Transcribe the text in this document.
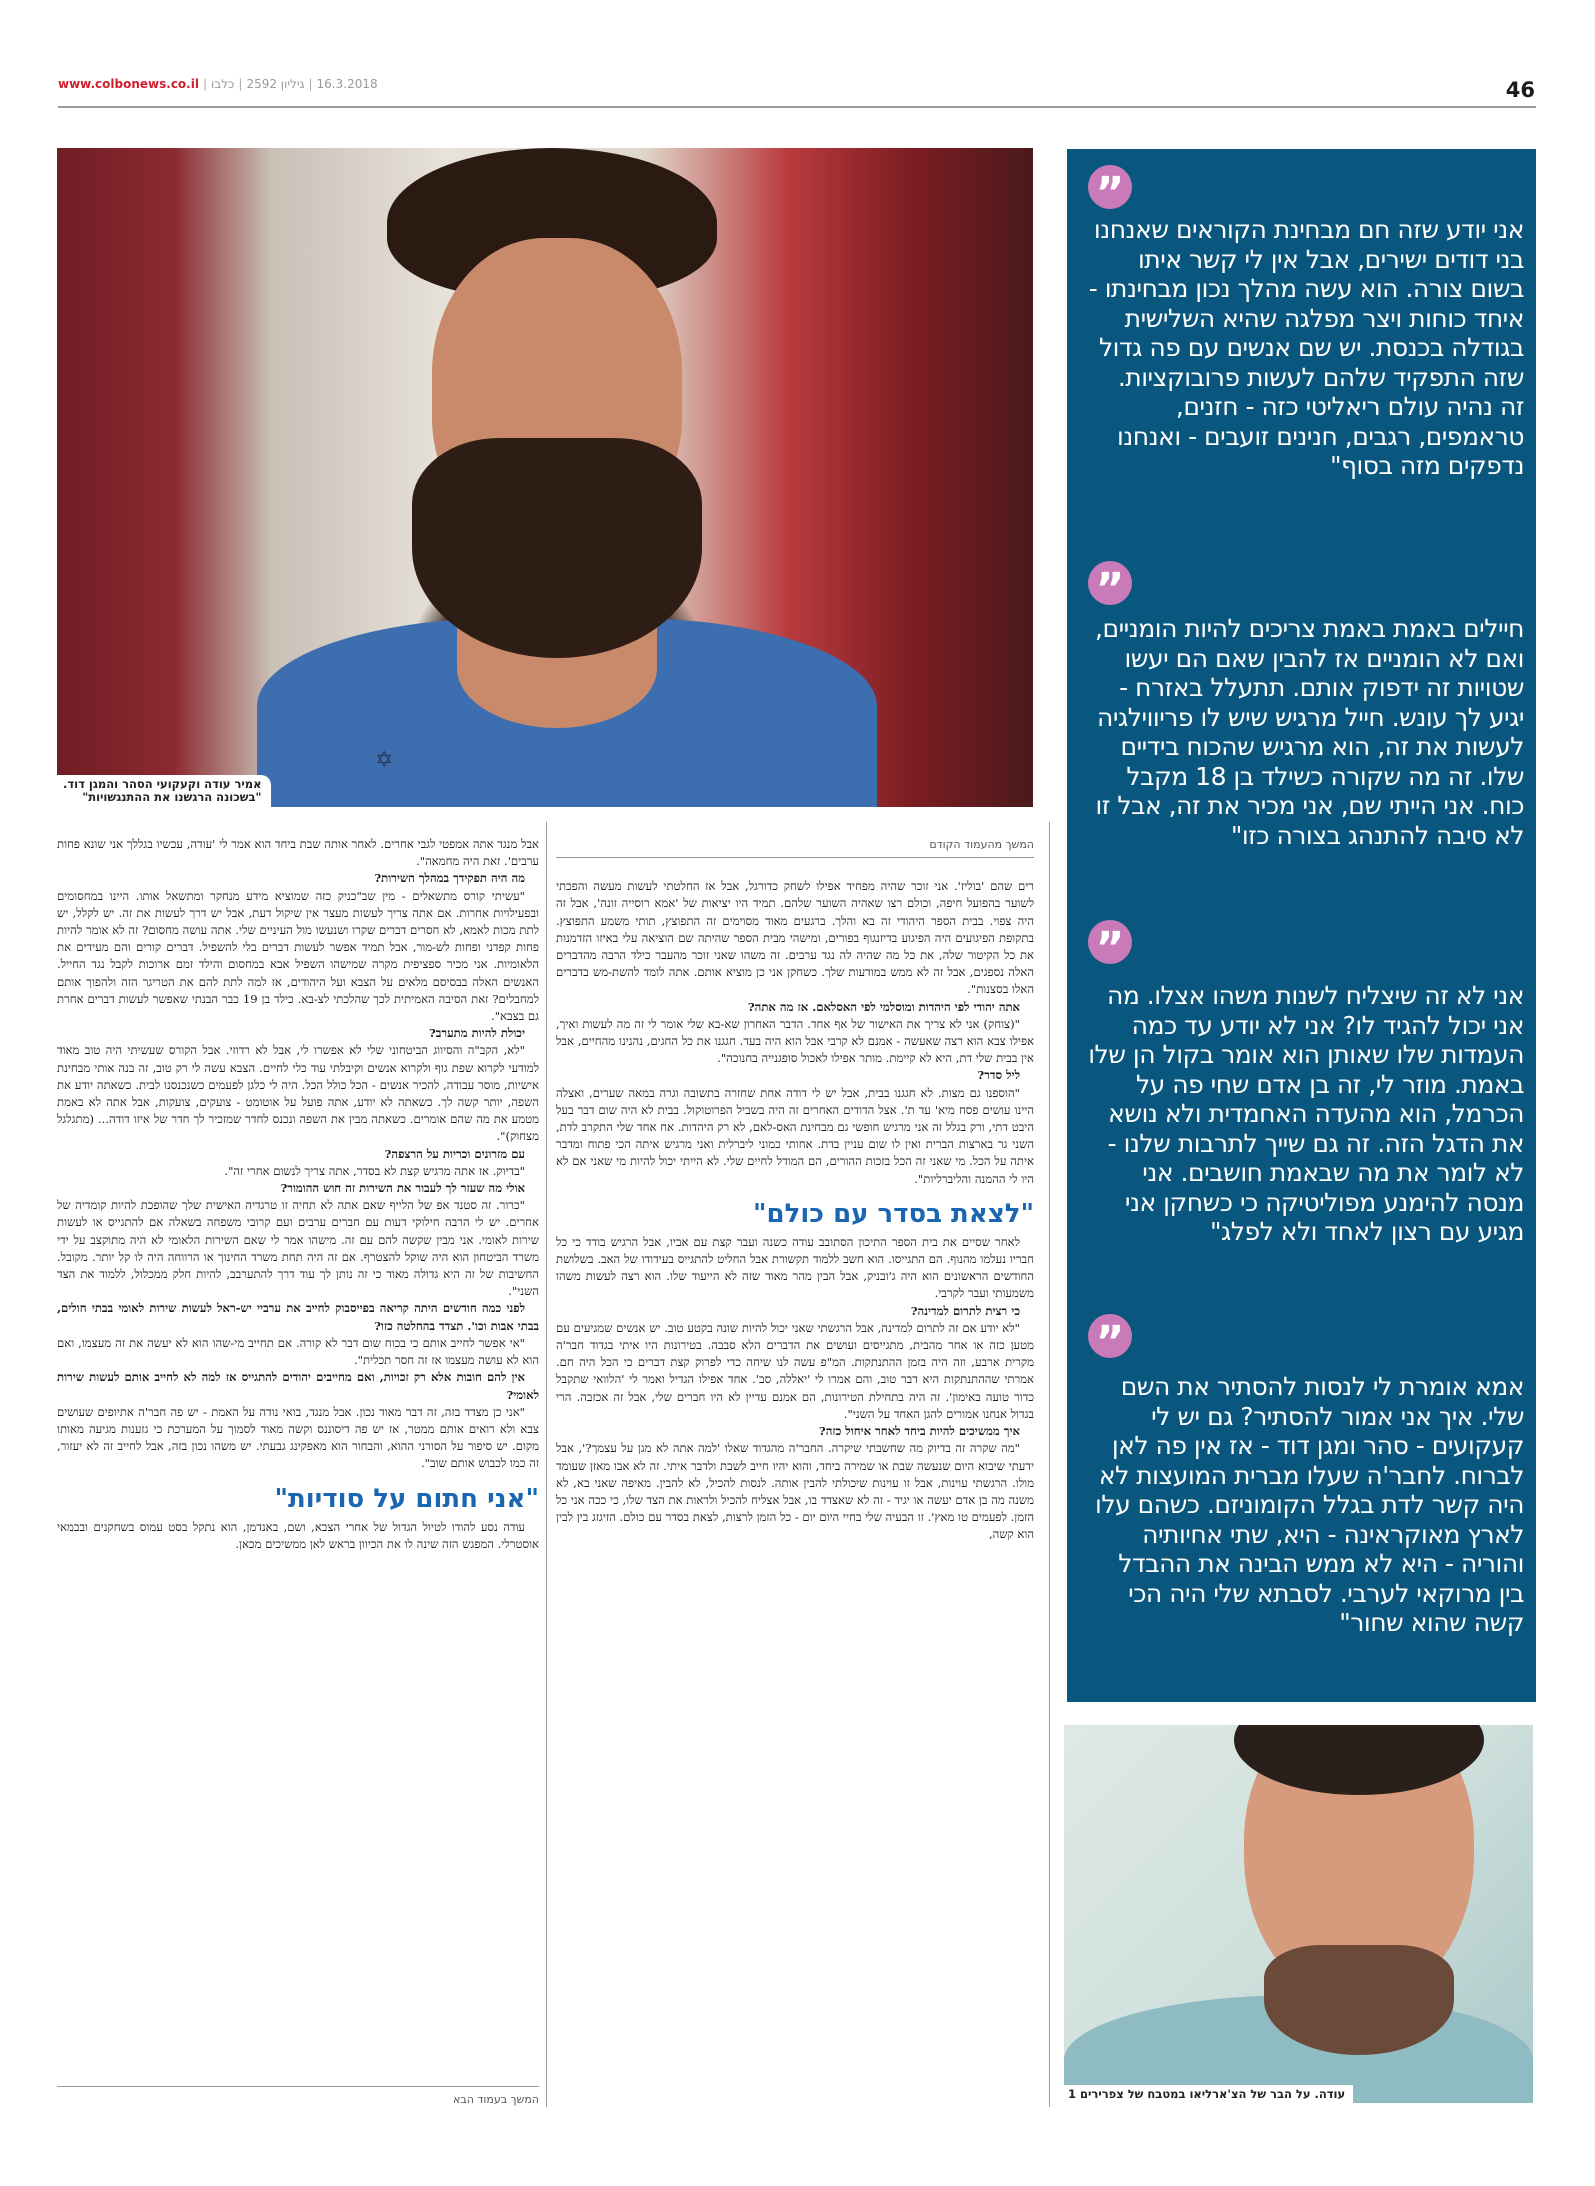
www.colbonews.co.il | כלבו | גיליון 2592 | 16.3.2018	46
✡
אמיר עודה וקעקועי הסהר והמגן דוד.
"בשכונה הרגשנו את ההתנגשויות"

המשך מהעמוד הקודם

רים שהם 'בוליז'. אני זוכר שהיה מפחיד אפילו לשחק כדורגל, אבל אז החלטתי לעשות מעשה והפכתי לשוער בהפועל חיפה, וכולם רצו שאהיה השוער שלהם. תמיד היו יציאות של 'אמא רוסייה זונה', אבל זה היה צפוי. בבית הספר היהודי זה בא והלך. ברגעים מאוד מסוימים זה התפוצץ, תותי משמע התפוצץ. בתקופת הפיגועים היה הפיגוע בדיזנגוף בפורים, ומישהי מבית הספר שהיתה שם הוציאה עלי באיזו הזדמנות את כל הקיטור שלה, את כל מה שהיה לה נגד ערבים. זה משהו שאני זוכר מהעבר כילד הרבה מהדברים האלה נספגים, אבל זה לא ממש במודעות שלך. כשחקן אני כן מוציא אותם. אתה לומד להשת-מש בדברים האלו בסצנות".

אתה יהודי לפי היהדות ומוסלמי לפי האסלאם. אז מה אתה?

"(צוחק) אני לא צריך את האישור של אף אחד. הדבר האחרון שא-בא שלי אומר לי זה מה לעשות ואיך, אפילו צבא הוא רצה שאעשה - אמנם לא קרבי אבל הוא היה בעד. חגגנו את כל החגים, נהנינו מהחיים, אבל אין בבית שלי דת, היא לא קיימת. מותר אפילו לאכול סופגנייה בחנוכה".

ליל סדר?

"הוספנו גם מצות. לא חגגנו בבית, אבל יש לי דודה אחת שחזרה בתשובה וגרה במאה שערים, ואצלה היינו עושים פסח מיא' עד ת'. אצל הדודים האחרים זה היה בשביל הפרוטוקול. בבית לא היה שום דבר בעל היבט דתי, ורק בגלל זה אני מרגיש חופשי גם מבחינת האס-לאם, לא רק היהדות. אח אחד שלי התקרב לדת, השני גר בארצות הברית ואין לו שום עניין בדת. אחותי כמוני ליברלית ואני מרגיש איתה הכי פתוח ומדבר איתה על הכל. מי שאני זה הכל בזכות ההורים, הם המודל לחיים שלי. לא הייתי יכול להיות מי שאני אם לא היו לי ההמנה והליברליות".

"לצאת בסדר עם כולם"

לאחר שסיים את בית הספר התיכון הסתובב עודה כשנה ועבר קצת עם אביו, אבל הרגיש בודד כי כל חבריו נעלמו מהנוף. הם התגייסו. הוא חשב ללמוד תקשורת אבל החליט להתגייס בעידודו של האב. בשלושת החודשים הראשונים הוא היה ג'ובניק, אבל הבין מהר מאוד שזה לא הייעוד שלו. הוא רצה לעשות משהו משמעותי ועבר לקרבי.

כי רצית לתרום למדינה?

"לא יודע אם זה לתרום למדינה, אבל הרגשתי שאני יכול להיות שונה בקטע טוב. יש אנשים שמגיעים עם מטען כזה או אחר מהבית, מתגייסים ועושים את הדברים הלא סבבה. בטירונות היו איתי בגדוד חבר'ה מקרית ארבע, וזה היה בזמן ההתנתקות. המ"פ עשה לנו שיחה כדי לפרוק קצת דברים כי הכל היה חם. אמרתי שההתנתקות היא דבר טוב, והם אמרו לי 'יאללה, סב'. אחד אפילו הגדיל ואמר לי 'הלוואי שתקבל כדור טועה באימון'. זה היה בתחילת הטירונות, הם אמנם עדיין לא היו חברים שלי, אבל זה אכזבה. הרי בגדול אנחנו אמורים להגן האחד על השני".

איך ממשיכים להיות ביחד לאחר איחול כזה?

"מה שקרה זה בדיוק מה שחשבתי שיקרה. החבר'ה מהגדוד שאלו 'למה אתה לא מגן על עצמך?', אבל ידעתי שיבוא היום שנעשה שבת או שמירה ביחד, והוא יהיו חייב לשבת ולדבר איתי. זה לא אבו מאזן שעומד מולו. הרגשתי עוינות, אבל זו עוינות שיכולתי להבין אותה. לנסות להכיל, לא להבין. מאיפה שאני בא, לא משנה מה בן אדם יעשה או יגיד - זה לא שאצדד בו, אבל אצליח להכיל ולראות את הצד שלו, כי ככה אני כל הזמן. לפעמים טו מאץ'. זו הבעיה שלי בחיי היום יום - כל הזמן לרצות, לצאת בסדר עם כולם. הזיגזג בין לבין הוא קשה,

אבל מנגד אתה אמפטי לגבי אחרים. לאחר אותה שבת ביחד הוא אמר לי 'עודה, עכשיו בגללך אני שונא פחות ערבים'. זאת היה מחמאה".

מה היה תפקידך במהלך השירות?

"עשיתי קורס מתשאלים - מין שב"כניק כזה שמוציא מידע מנחקר ומתשאל אותו. היינו במחסומים ובפעילויות אחרות. אם אתה צריך לעשות מעצר אין שיקול דעת, אבל יש דרך לעשות את זה. יש לקלל, יש לתת מכות לאמא, לא חסרים דברים שקרו ושנעשו מול העיניים שלי. אתה עושה מחסום? זה לא אומר להיות פחות קפדני ופחות לש-מור, אבל תמיד אפשר לעשות דברים בלי להשפיל. דברים קורים והם מעידים את הלאומיות. אני מכיר ספציפית מקרה שמישהו השפיל אבא במחסום והילד זמם ארוכות לקבל נגד החייל. האנשים האלה בבסיסם מלאים על הצבא ועל היהודים, אז למה לתת להם את הטריגר הזה ולהפוך אותם למחבלים? זאת הסיבה האמיתית לכך שהלכתי לצ-בא. כילד בן 19 כבר הבנתי שאפשר לעשות דברים אחרת גם בצבא".

יכולת להיות מתערב?

"לא, הקב"ה והסיווג הביטחוני שלי לא אפשרו לי, אבל לא רדוזי. אבל הקורס שעשיתי היה טוב מאוד למודעי לקרוא שפת גוף ולקרוא אנשים וקיבלתי עוד כלי לחיים. הצבא עשה לי רק טוב, זה בנה אותי מבחינת אישיות, מוסר עבודה, להכיר אנשים - הכל כולל הכל. היה לי כלגן לפעמים כשנכנסנו לבית. כשאתה יודע את השפה, יותר קשה לך. כשאתה לא יודע, אתה פועל על אוטומט - צועקים, צועקות, אבל אתה לא באמת מטמע את מה שהם אומרים. כשאתה מבין את השפה ונכנס לחדר שמזכיר לך חדר של איזו דודה... (מתגלגל מצחוק)".

עם מזרונים וכריות על הרצפה?

"בדיוק. אז אתה מרגיש קצת לא בסדר, אתה צריך לנשום אחרי זה".

אולי מה שעזר לך לעבור את השירות זה חוש ההומור?

"כרור. זה סטנד אפ של הלייף שאם אתה לא תחיה זו טרגדיה האישית שלך שהופכת להיות קומדיה של אחרים. יש לי הרבה חילוקי דעות עם חברים ערבים ועם קרובי משפחה בשאלה אם להתגייס או לעשות שירות לאומי. אני מבין שקשה להם עם זה. מישהו אמר לי שאם השירות הלאומי לא היה מתוקצב על ידי משרד הביטחון הוא היה שוקל להצטרף. אם זה היה תחת משרד החינוך או הרווחה היה לו קל יותר. מקובל. החשיבות של זה היא גדולה מאוד כי זה נותן לך עוד דרך להתערבב, להיות חלק ממכלול, ללמוד את הצד השני".

לפני כמה חודשים היתה קריאה בפייסבוק לחייב את ערביי יש-ראל לעשות שירות לאומי בבתי חולים, בבתי אבות וכו'. תצדד בהחלטה כזו?

"אי אפשר לחייב אותם כי בכוח שום דבר לא קורה. אם תחייב מי-שהו הוא לא יעשה את זה מעצמו, ואם הוא לא עושה מעצמו אז זה חסר תכלית".

אין להם חובות אלא רק זכויות, ואם מחייבים יהודים להתגייס אז למה לא לחייב אותם לעשות שירות לאומי?

"אני כן מצדד בזה, זה דבר מאוד נכון. אבל מנגד, בואי נודה על האמת - יש פה חבר'ה אתיופים שעושים צבא ולא רואים אותם ממטר, אז יש פה דיסוננס וקשה מאוד לסמוך על המערכת כי גזענות מגיעה מאותו מקום. יש סיפור על הסורני ההוא, והבחור הוא מאפקינג גבעתי. יש משהו נכון בזה, אבל לחייב זה לא יעזור, זה כמו לכבוש אותם שוב".

"אני חתום על סודיות"

עודה נסע להודו לטיול הגדול של אחרי הצבא, ושם, באנדמן, הוא נתקל בסט עמוס בשחקנים ובבמאי אוסטרלי. המפגש הזה שינה לו את הכיוון בראש לאן ממשיכים מכאן.

המשך בעמוד הבא

”
אני יודע שזה חם מבחינת הקוראים שאנחנו בני דודים ישירים, אבל אין לי קשר איתו בשום צורה. הוא עשה מהלך נכון מבחינתו - איחד כוחות ויצר מפלגה שהיא השלישית בגודלה בכנסת. יש שם אנשים עם פה גדול שזה התפקיד שלהם לעשות פרובוקציות. זה נהיה עולם ריאליטי כזה - חזנים, טראמפים, רגבים, חנינים זועבים - ואנחנו נדפקים מזה בסוף"
”
חיילים באמת באמת צריכים להיות הומניים, ואם לא הומניים אז להבין שאם הם יעשו שטויות זה ידפוק אותם. תתעלל באזרח - יגיע לך עונש. חייל מרגיש שיש לו פריווילגיה לעשות את זה, הוא מרגיש שהכוח בידיים שלו. זה מה שקורה כשילד בן 18 מקבל כוח. אני הייתי שם, אני מכיר את זה, אבל זו לא סיבה להתנהג בצורה כזו"
”
אני לא זה שיצליח לשנות משהו אצלו. מה אני יכול להגיד לו? אני לא יודע עד כמה העמדות שלו שאותן הוא אומר בקול הן שלו באמת. מוזר לי, זה בן אדם שחי פה על הכרמל, הוא מהעדה האחמדית ולא נושא את הדגל הזה. זה גם שייך לתרבות שלנו - לא לומר את מה שבאמת חושבים. אני מנסה להימנע מפוליטיקה כי כשחקן אני מגיע עם רצון לאחד ולא לפלג"
”
אמא אומרת לי לנסות להסתיר את השם שלי. איך אני אמור להסתיר? גם יש לי קעקועים - סהר ומגן דוד - אז אין פה לאן לברוח. לחבר'ה שעלו מברית המועצות לא היה קשר לדת בגלל הקומוניזם. כשהם עלו לארץ מאוקראינה - היא, שתי אחיותיה והוריה - היא לא ממש הבינה את ההבדל בין מרוקאי לערבי. לסבתא שלי היה הכי קשה שהוא שחור"
עודה. על הבר של הצ'ארליאו במטבח של צפרירים 1
